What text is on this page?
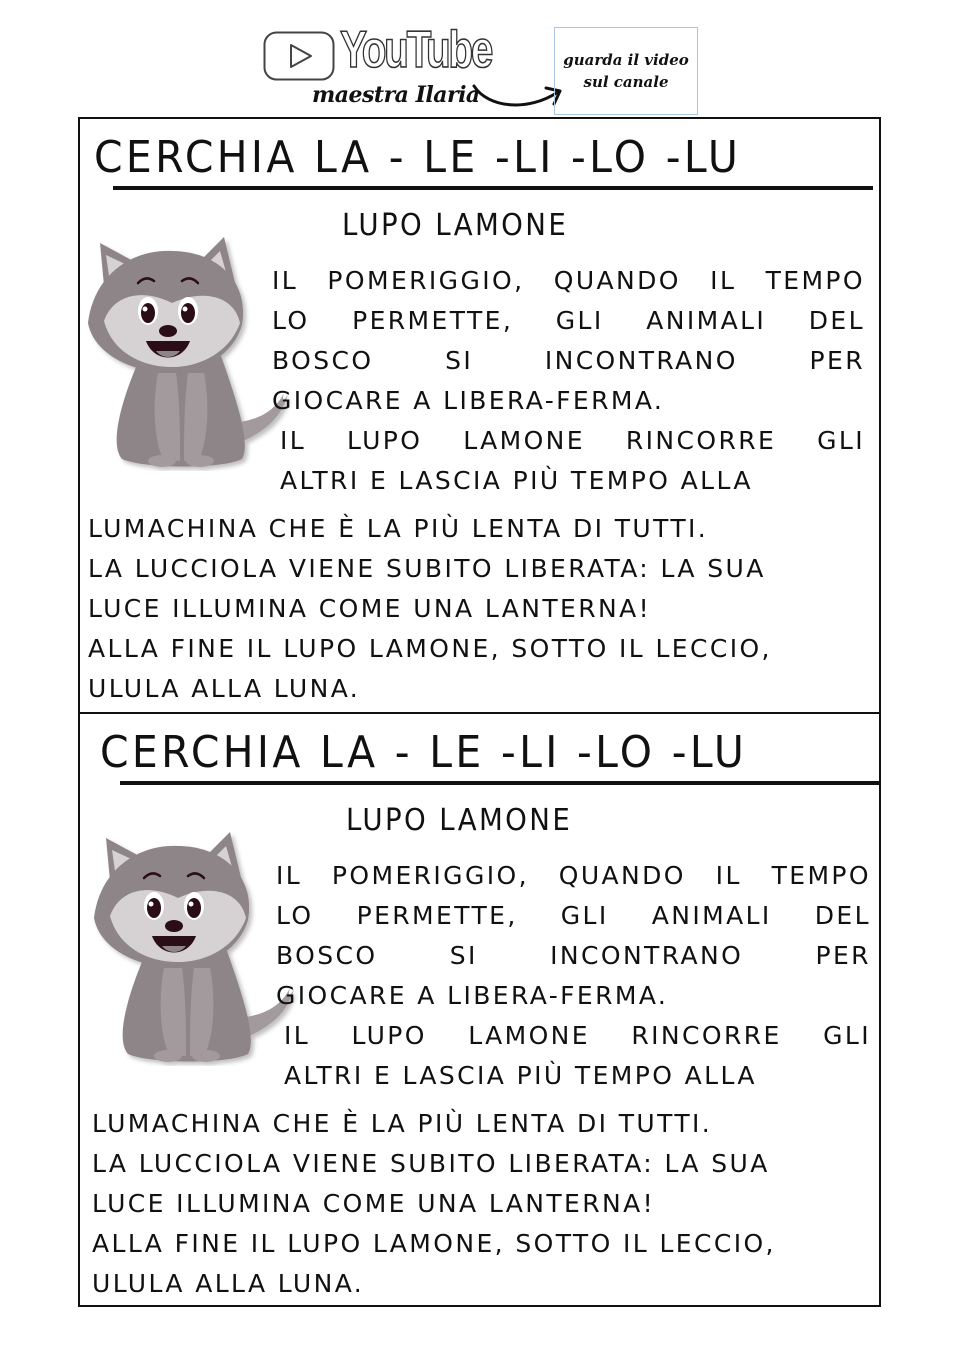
YouTube
maestra Ilaria
guarda il video
sul canale
CERCHIA LA - LE -LI -LO -LU
LUPO LAMONE
IL POMERIGGIO, QUANDO IL TEMPO
LO PERMETTE, GLI ANIMALI DEL
BOSCO	SI	INCONTRANO	PER
GIOCARE A LIBERA-FERMA.
IL LUPO LAMONE RINCORRE GLI
ALTRI E LASCIA PIÙ TEMPO ALLA
LUMACHINA CHE È LA PIÙ LENTA DI TUTTI.
LA LUCCIOLA VIENE SUBITO LIBERATA: LA SUA
LUCE ILLUMINA COME UNA LANTERNA!
ALLA FINE IL LUPO LAMONE, SOTTO IL LECCIO,
ULULA ALLA LUNA.
CERCHIA LA - LE -LI -LO -LU
LUPO LAMONE
IL POMERIGGIO, QUANDO IL TEMPO
LO PERMETTE, GLI ANIMALI DEL
BOSCO	SI	INCONTRANO	PER
GIOCARE A LIBERA-FERMA.
IL LUPO LAMONE RINCORRE GLI
ALTRI E LASCIA PIÙ TEMPO ALLA
LUMACHINA CHE È LA PIÙ LENTA DI TUTTI.
LA LUCCIOLA VIENE SUBITO LIBERATA: LA SUA
LUCE ILLUMINA COME UNA LANTERNA!
ALLA FINE IL LUPO LAMONE, SOTTO IL LECCIO,
ULULA ALLA LUNA.
